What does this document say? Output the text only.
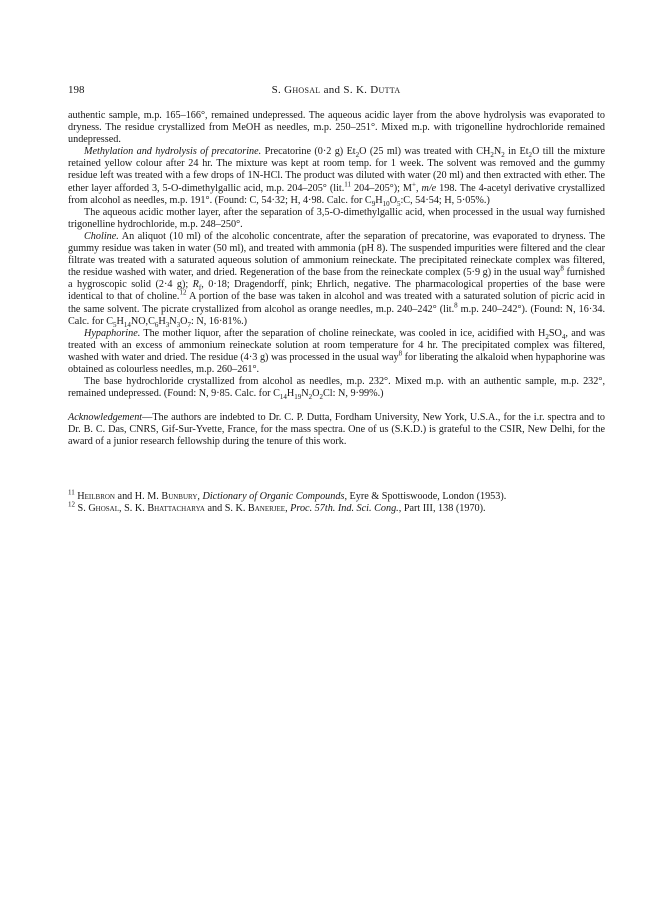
198	S. Ghosal and S. K. Dutta

authentic sample, m.p. 165–166°, remained undepressed. The aqueous acidic layer from the above hydrolysis was evaporated to dryness. The residue crystallized from MeOH as needles, m.p. 250–251°. Mixed m.p. with trigonelline hydrochloride remained undepressed.

Methylation and hydrolysis of precatorine. Precatorine (0·2 g) $Et_2O$ (25 ml) was treated with $CH_2N_2$ in $Et_2O$ till the mixture retained yellow colour after 24 hr. The mixture was kept at room temp. for 1 week. The solvent was removed and the gummy residue left was treated with a few drops of 1N-HCl. The product was diluted with water (20 ml) and then extracted with ether. The ether layer afforded 3, 5-O-dimethylgallic acid, m.p. 204–205° (lit.$^{11}$ 204–205°); M+, m/e 198. The 4-acetyl derivative crystallized from alcohol as needles, m.p. 191°. (Found: C, 54·32; H, 4·98. Calc. for $C_9H_{10}O_5:C$, 54·54; H, 5·05%.)

The aqueous acidic mother layer, after the separation of 3,5-O-dimethylgallic acid, when processed in the usual way furnished trigonelline hydrochloride, m.p. 248–250°.

Choline. An aliquot (10 ml) of the alcoholic concentrate, after the separation of precatorine, was evaporated to dryness. The gummy residue was taken in water (50 ml), and treated with ammonia (pH 8). The suspended impurities were filtered and the clear filtrate was treated with a saturated aqueous solution of ammonium reineckate. The precipitated reineckate complex was filtered, the residue washed with water, and dried. Regeneration of the base from the reineckate complex (5·9 g) in the usual way$^8$ furnished a hygroscopic solid (2·4 g); $R_f$, 0·18; Dragendorff, pink; Ehrlich, negative. The pharmacological properties of the base were identical to that of choline.$^{12}$ A portion of the base was taken in alcohol and was treated with a saturated solution of picric acid in the same solvent. The picrate crystallized from alcohol as orange needles, m.p. 240–242° (lit.$^8$ m.p. 240–242°). (Found: N, 16·34. Calc. for $C_5H_{14}NO,C_6H_3N_3O_7$: N, 16·81%.)

Hypaphorine. The mother liquor, after the separation of choline reineckate, was cooled in ice, acidified with $H_2SO_4$, and was treated with an excess of ammonium reineckate solution at room temperature for 4 hr. The precipitated complex was filtered, washed with water and dried. The residue (4·3 g) was processed in the usual way$^8$ for liberating the alkaloid when hypaphorine was obtained as colourless needles, m.p. 260–261°.

The base hydrochloride crystallized from alcohol as needles, m.p. 232°. Mixed m.p. with an authentic sample, m.p. 232°, remained undepressed. (Found: N, 9·85. Calc. for $C_{14}H_{19}N_2O_2Cl$: N, 9·99%.)

Acknowledgement—The authors are indebted to Dr. C. P. Dutta, Fordham University, New York, U.S.A., for the i.r. spectra and to Dr. B. C. Das, CNRS, Gif-Sur-Yvette, France, for the mass spectra. One of us (S.K.D.) is grateful to the CSIR, New Delhi, for the award of a junior research fellowship during the tenure of this work.

$^{11}$ Heilbron and H. M. Bunbury, Dictionary of Organic Compounds, Eyre & Spottiswoode, London (1953).

$^{12}$ S. Ghosal, S. K. Bhattacharya and S. K. Banerjee, Proc. 57th. Ind. Sci. Cong., Part III, 138 (1970).
